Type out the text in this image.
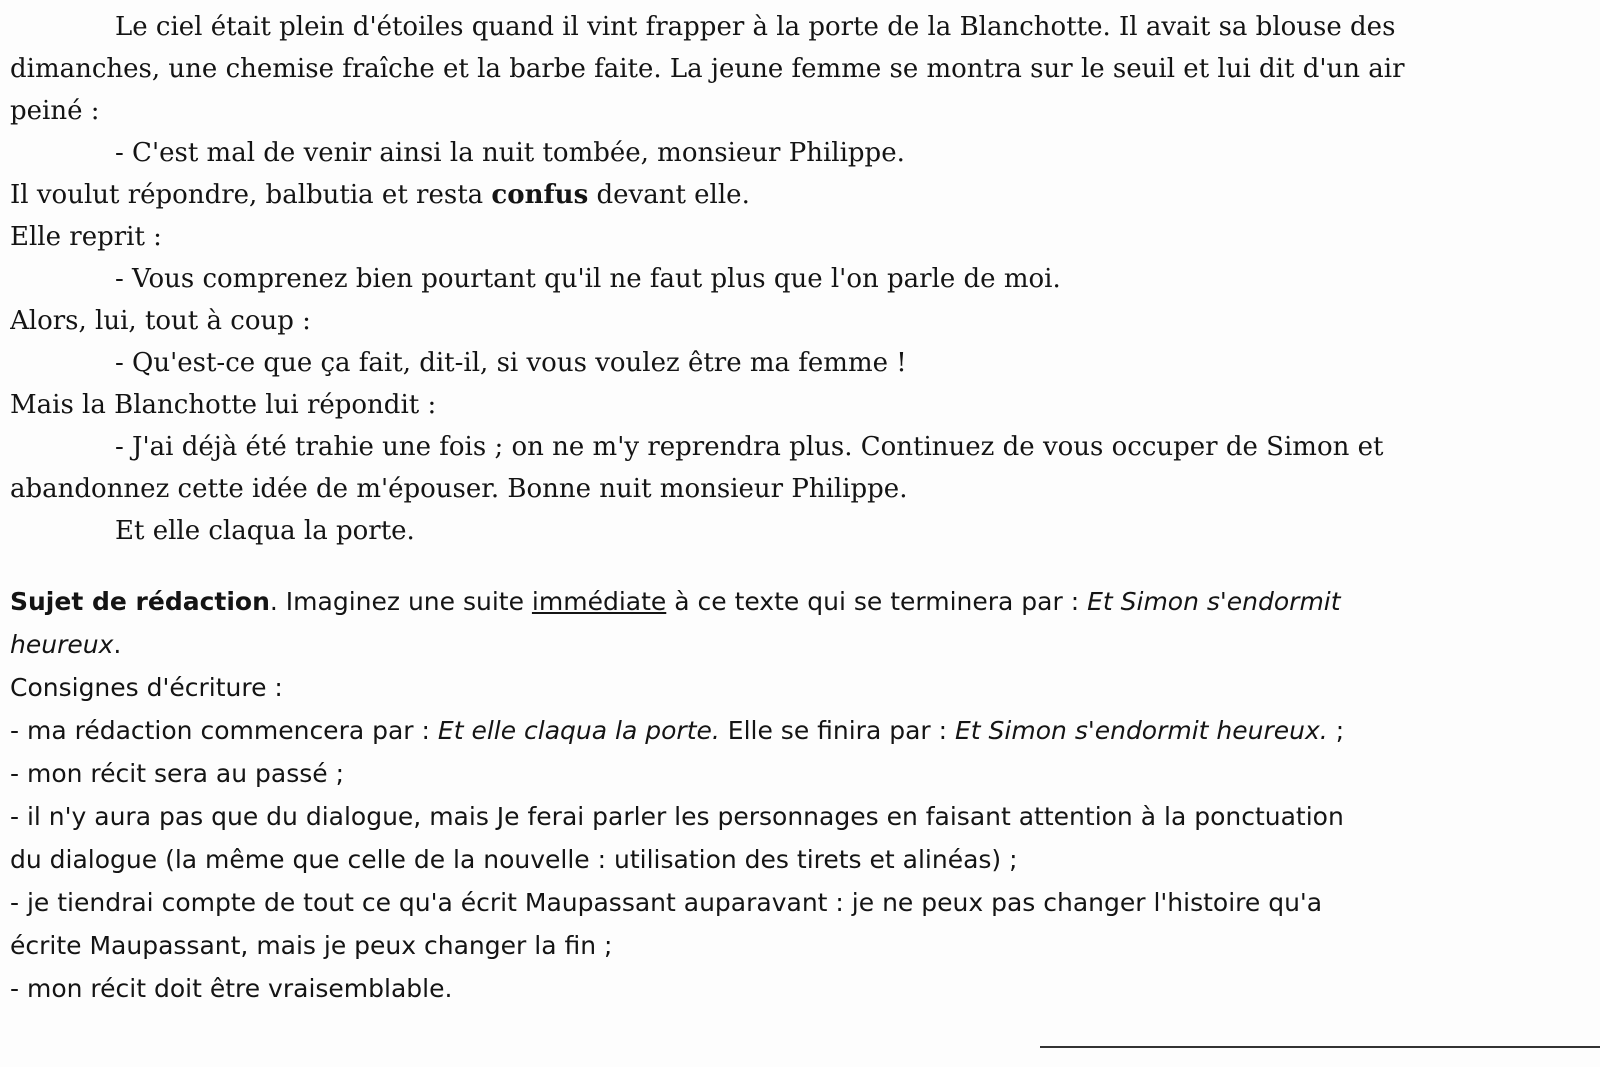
Le ciel était plein d'étoiles quand il vint frapper à la porte de la Blanchotte. Il avait sa blouse des
dimanches, une chemise fraîche et la barbe faite. La jeune femme se montra sur le seuil et lui dit d'un air
peiné :
- C'est mal de venir ainsi la nuit tombée, monsieur Philippe.
Il voulut répondre, balbutia et resta confus devant elle.
Elle reprit :
- Vous comprenez bien pourtant qu'il ne faut plus que l'on parle de moi.
Alors, lui, tout à coup :
- Qu'est-ce que ça fait, dit-il, si vous voulez être ma femme !
Mais la Blanchotte lui répondit :
- J'ai déjà été trahie une fois ; on ne m'y reprendra plus. Continuez de vous occuper de Simon et
abandonnez cette idée de m'épouser. Bonne nuit monsieur Philippe.
Et elle claqua la porte.
Sujet de rédaction. Imaginez une suite immédiate à ce texte qui se terminera par : Et Simon s'endormit
heureux.
Consignes d'écriture :
- ma rédaction commencera par : Et elle claqua la porte. Elle se finira par : Et Simon s'endormit heureux. ;
- mon récit sera au passé ;
- il n'y aura pas que du dialogue, mais Je ferai parler les personnages en faisant attention à la ponctuation
du dialogue (la même que celle de la nouvelle : utilisation des tirets et alinéas) ;
- je tiendrai compte de tout ce qu'a écrit Maupassant auparavant : je ne peux pas changer l'histoire qu'a
écrite Maupassant, mais je peux changer la fin ;
- mon récit doit être vraisemblable.
